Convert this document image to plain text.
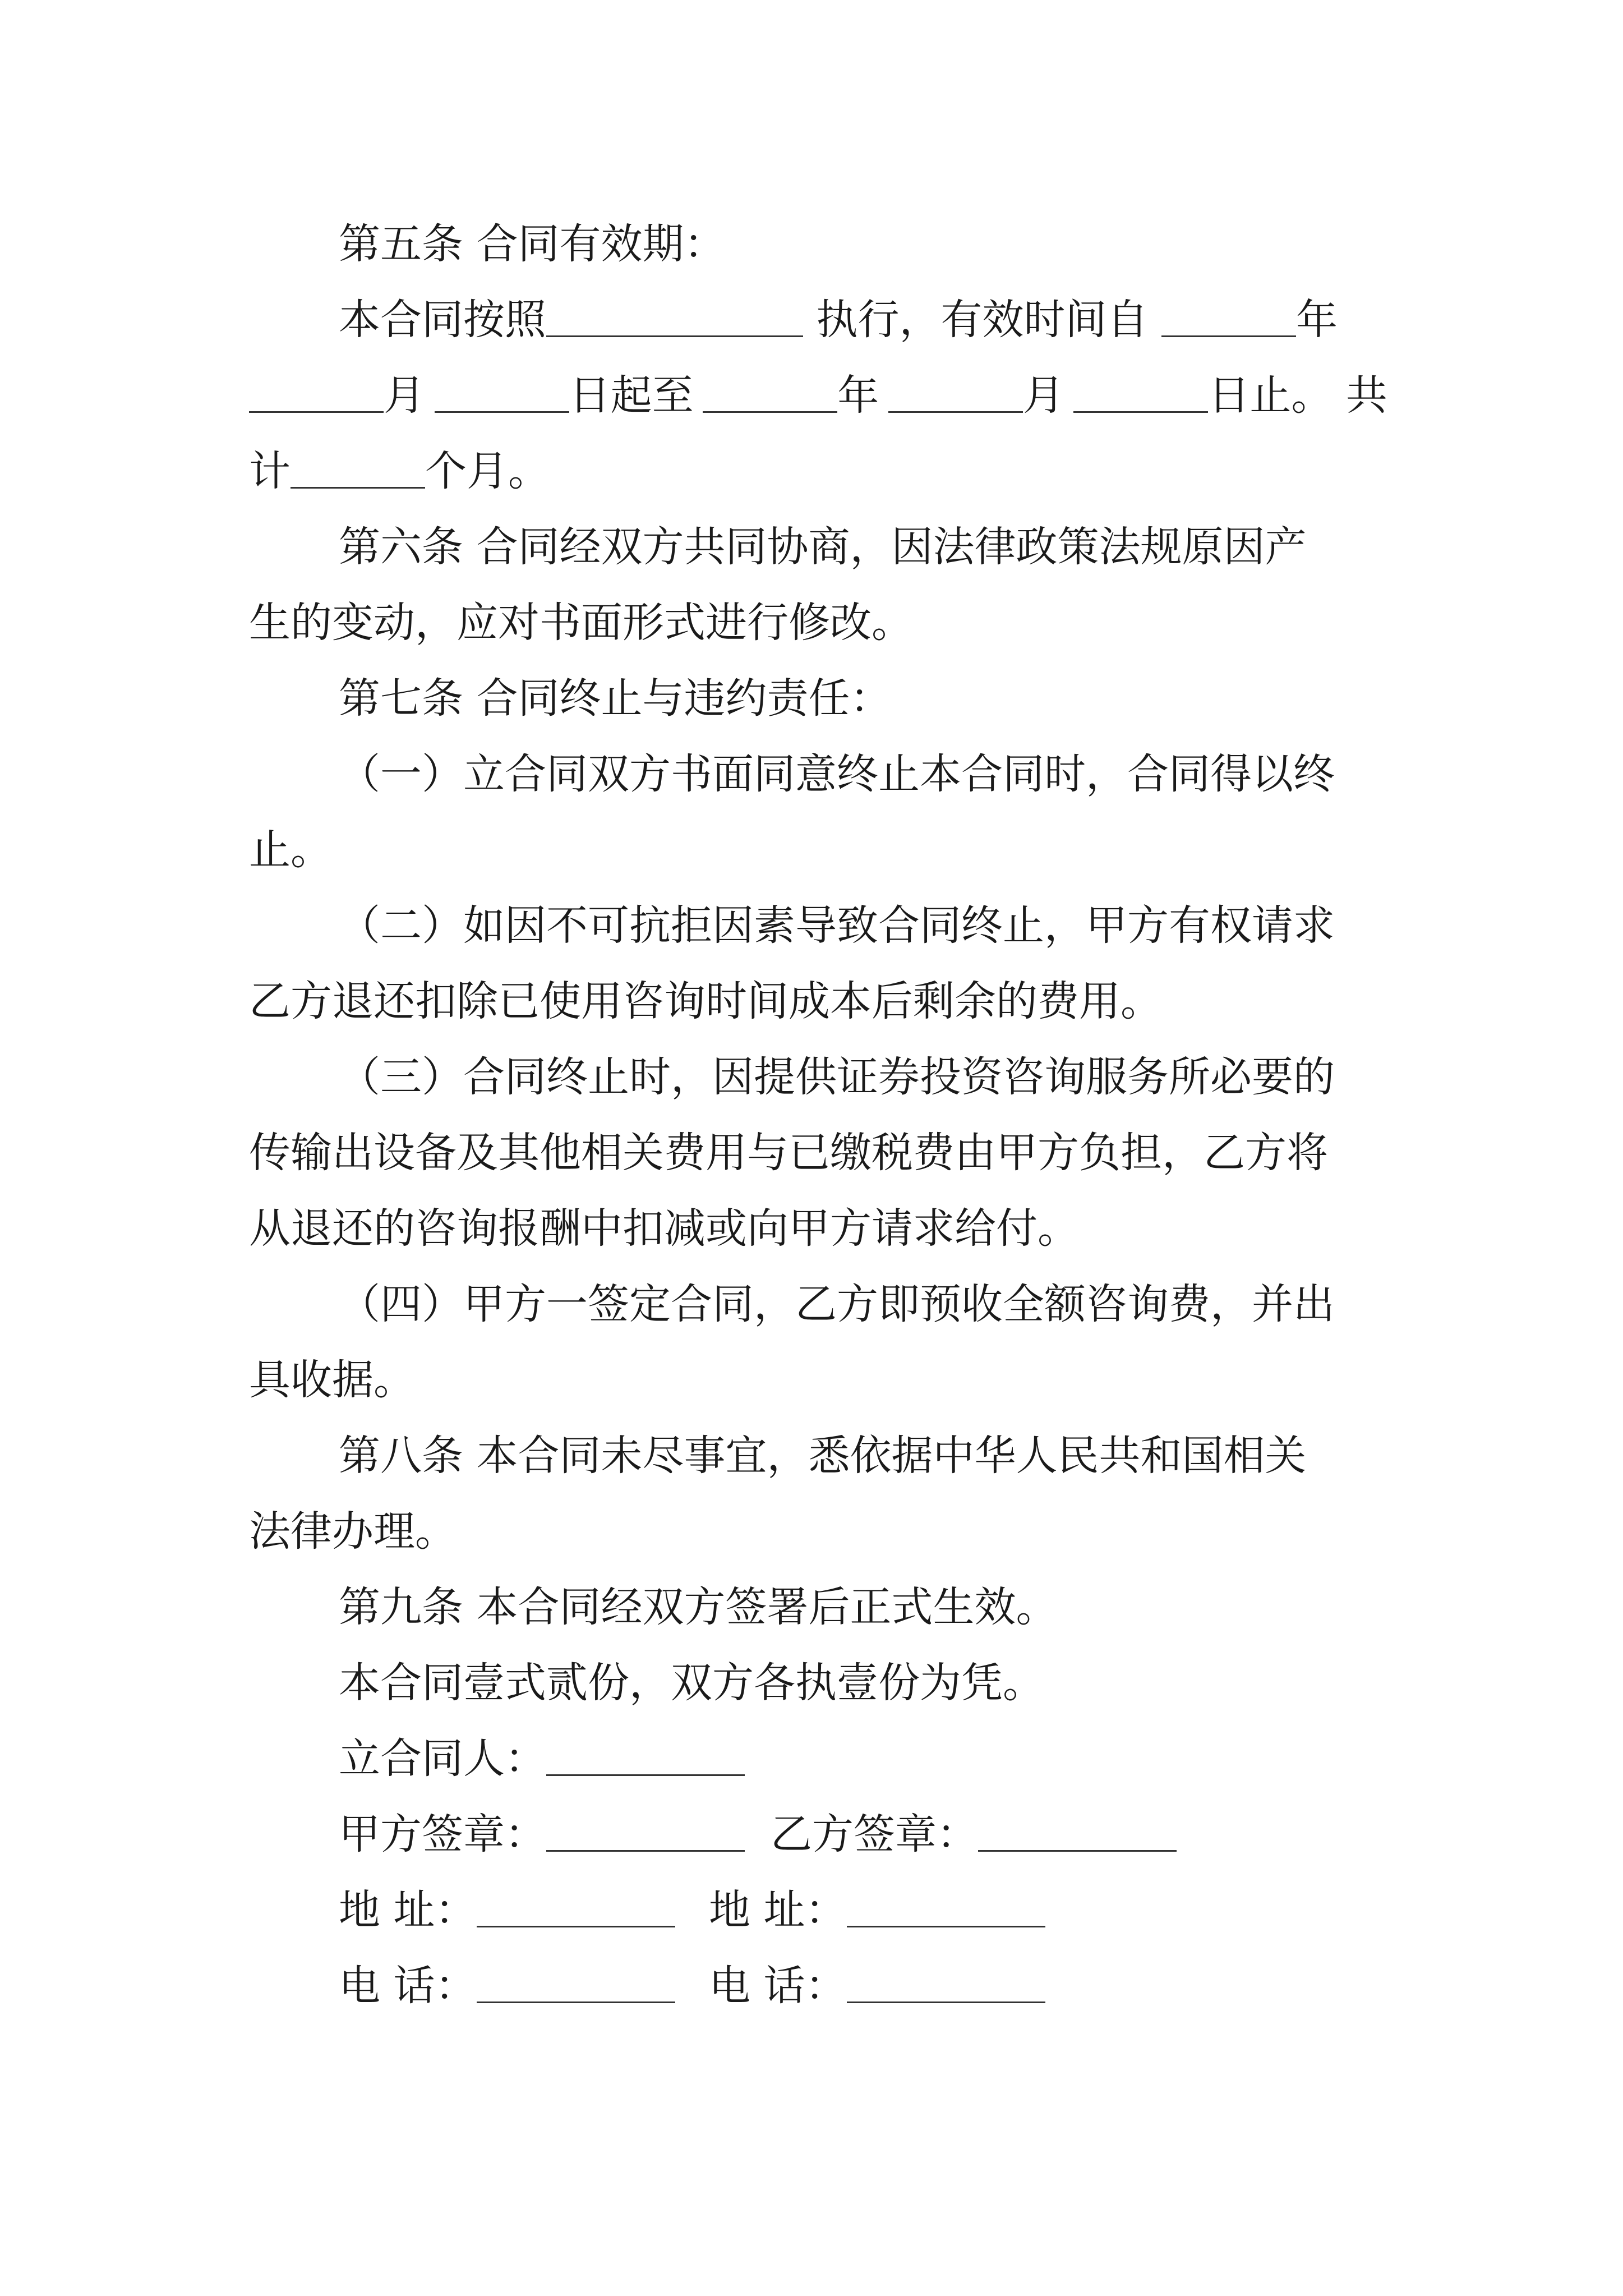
第五条 合同有效期：
本合同按照	执行，有效时间自	年
月	日起至	年	月	日止。 共
计	个月。
第六条 合同经双方共同协商，因法律政策法规原因产
生的变动，应对书面形式进行修改。
第七条 合同终止与违约责任：
（一）立合同双方书面同意终止本合同时，合同得以终
止。
（二）如因不可抗拒因素导致合同终止，甲方有权请求
乙方退还扣除已使用咨询时间成本后剩余的费用。
（三）合同终止时，因提供证券投资咨询服务所必要的
传输出设备及其他相关费用与已缴税费由甲方负担，乙方将
从退还的咨询报酬中扣减或向甲方请求给付。
（四）甲方一签定合同，乙方即预收全额咨询费，并出
具收据。
第八条 本合同未尽事宜，悉依据中华人民共和国相关
法律办理。
第九条 本合同经双方签署后正式生效。
本合同壹式贰份，双方各执壹份为凭。
立合同人：
甲方签章：	乙方签章：
地 址：	地 址：
电 话：	电 话：
